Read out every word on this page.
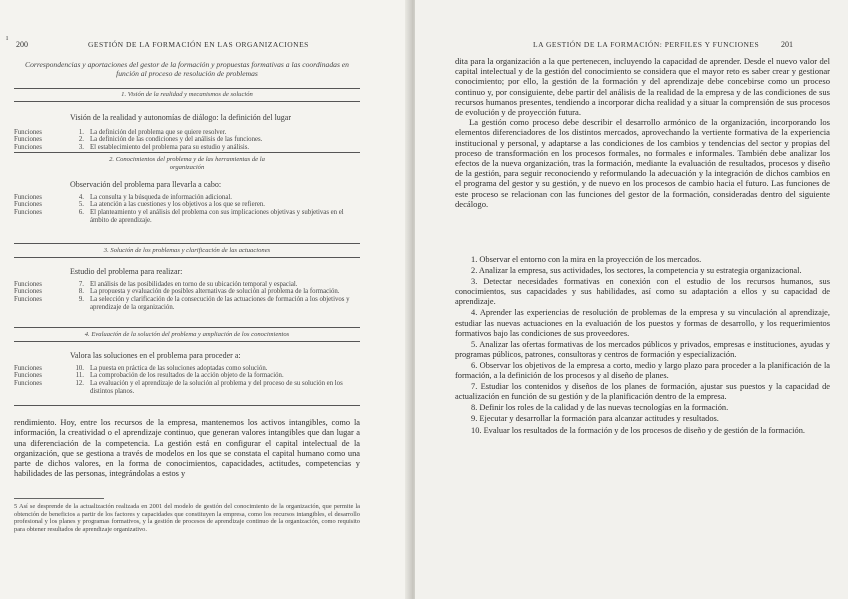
ı
200	GESTIÓN DE LA FORMACIÓN EN LAS ORGANIZACIONES
Correspondencias y aportaciones del gestor de la formación y propuestas formativas a las coordinadas en función al proceso de resolución de problemas
1. Visión de la realidad y mecanismos de solución
Visión de la realidad y autonomías de diálogo: la definición del lugar
Funciones	1. La definición del problema que se quiere resolver.
Funciones	2. La definición de las condiciones y del análisis de las funciones.
Funciones	3. El establecimiento del problema para su estudio y análisis.
2. Conocimientos del problema y de las herramientas de la organización
Observación del problema para llevarla a cabo:
Funciones	4. La consulta y la búsqueda de información adicional.
Funciones	5. La atención a las cuestiones y los objetivos a los que se refieren.
Funciones	6. El planteamiento y el análisis del problema con sus implicaciones objetivas y subjetivas en el ámbito de aprendizaje.
3. Solución de los problemas y clarificación de las actuaciones
Estudio del problema para realizar:
Funciones	7. El análisis de las posibilidades en torno de su ubicación temporal y espacial.
Funciones	8. La propuesta y evaluación de posibles alternativas de solución al problema de la formación.
Funciones	9. La selección y clarificación de la consecución de las actuaciones de formación a los objetivos y aprendizaje de la organización.
4. Evaluación de la solución del problema y ampliación de los conocimientos
Valora las soluciones en el problema para proceder a:
Funciones	10. La puesta en práctica de las soluciones adoptadas como solución.
Funciones	11. La comprobación de los resultados de la acción objeto de la formación.
Funciones	12. La evaluación y el aprendizaje de la solución al problema y del proceso de su solución en los distintos planos.
rendimiento. Hoy, entre los recursos de la empresa, mantenemos los activos intangibles, como la información, la creatividad o el aprendizaje continuo, que generan valores intangibles que dan lugar a una diferenciación de la competencia. La gestión está en configurar el capital intelectual de la organización, que se gestiona a través de modelos en los que se constata el capital humano como una parte de dichos valores, en la forma de conocimientos, capacidades, actitudes, competencias y habilidades de las personas, integrándolas a estos y
5 Así se desprende de la actualización realizada en 2001 del modelo de gestión del conocimiento de la organización, que permite la obtención de beneficios a partir de los factores y capacidades que constituyen la empresa, como los recursos intangibles, el desarrollo profesional y los planes y programas formativos, y la gestión de procesos de aprendizaje continuo de la organización, como requisito para obtener resultados de aprendizaje organizativo.
LA GESTIÓN DE LA FORMACIÓN: PERFILES Y FUNCIONES	201

dita para la organización a la que pertenecen, incluyendo la capacidad de aprender. Desde el nuevo valor del capital intelectual y de la gestión del conocimiento se considera que el mayor reto es saber crear y gestionar conocimiento; por ello, la gestión de la formación y del aprendizaje debe concebirse como un proceso continuo y, por consiguiente, debe partir del análisis de la realidad de la empresa y de las condiciones de sus recursos humanos presentes, tendiendo a incorporar dicha realidad y a situar la comprensión de sus procesos de evolución y de proyección futura.

La gestión como proceso debe describir el desarrollo armónico de la organización, incorporando los elementos diferenciadores de los distintos mercados, aprovechando la vertiente formativa de la experiencia institucional y personal, y adaptarse a las condiciones de los cambios y tendencias del sector y propias del proceso de transformación en los procesos formales, no formales e informales. También debe analizar los efectos de la nueva organización, tras la formación, mediante la evaluación de resultados, procesos y diseño de la gestión, para seguir reconociendo y reformulando la adecuación y la integración de dichos cambios en el programa del gestor y su gestión, y de nuevo en los procesos de cambio hacia el futuro. Las funciones de este proceso se relacionan con las funciones del gestor de la formación, consideradas dentro del siguiente decálogo.

1. Observar el entorno con la mira en la proyección de los mercados.
2. Analizar la empresa, sus actividades, los sectores, la competencia y su estrategia organizacional.
3. Detectar necesidades formativas en conexión con el estudio de los recursos humanos, sus conocimientos, sus capacidades y sus habilidades, así como su adaptación a ellos y su capacidad de aprendizaje.
4. Aprender las experiencias de resolución de problemas de la empresa y su vinculación al aprendizaje, estudiar las nuevas actuaciones en la evaluación de los puestos y formas de desarrollo, y los requerimientos formativos bajo las condiciones de sus proveedores.
5. Analizar las ofertas formativas de los mercados públicos y privados, empresas e instituciones, ayudas y programas públicos, patrones, consultoras y centros de formación y especialización.
6. Observar los objetivos de la empresa a corto, medio y largo plazo para proceder a la planificación de la formación, a la definición de los procesos y al diseño de planes.
7. Estudiar los contenidos y diseños de los planes de formación, ajustar sus puestos y la capacidad de actualización en función de su gestión y de la planificación dentro de la empresa.
8. Definir los roles de la calidad y de las nuevas tecnologías en la formación.
9. Ejecutar y desarrollar la formación para alcanzar actitudes y resultados.
10. Evaluar los resultados de la formación y de los procesos de diseño y de gestión de la formación.
